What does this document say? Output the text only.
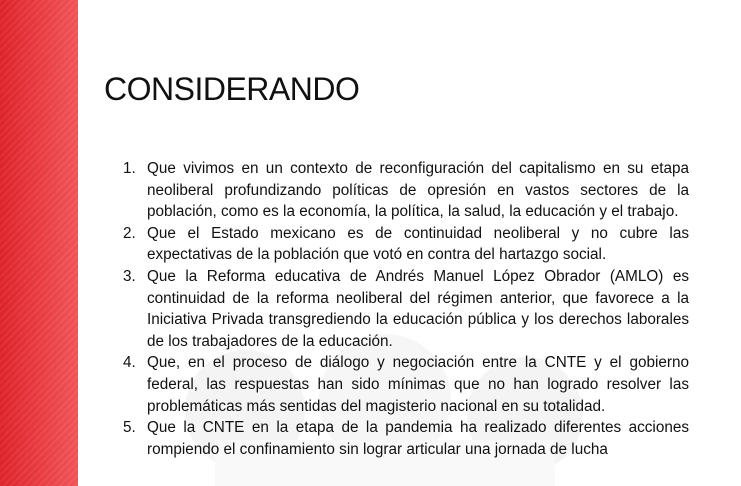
CONSIDERANDO
1. Que vivimos en un contexto de reconfiguración del capitalismo en su etapa neoliberal profundizando políticas de opresión en vastos sectores de la población, como es la economía, la política, la salud, la educación y el trabajo.
2. Que el Estado mexicano es de continuidad neoliberal y no cubre las expectativas de la población que votó en contra del hartazgo social.
3. Que la Reforma educativa de Andrés Manuel López Obrador (AMLO) es continuidad de la reforma neoliberal del régimen anterior, que favorece a la Iniciativa Privada transgrediendo la educación pública y los derechos laborales de los trabajadores de la educación.
4. Que, en el proceso de diálogo y negociación entre la CNTE y el gobierno federal, las respuestas han sido mínimas que no han logrado resolver las problemáticas más sentidas del magisterio nacional en su totalidad.
5. Que la CNTE en la etapa de la pandemia ha realizado diferentes acciones rompiendo el confinamiento sin lograr articular una jornada de lucha
